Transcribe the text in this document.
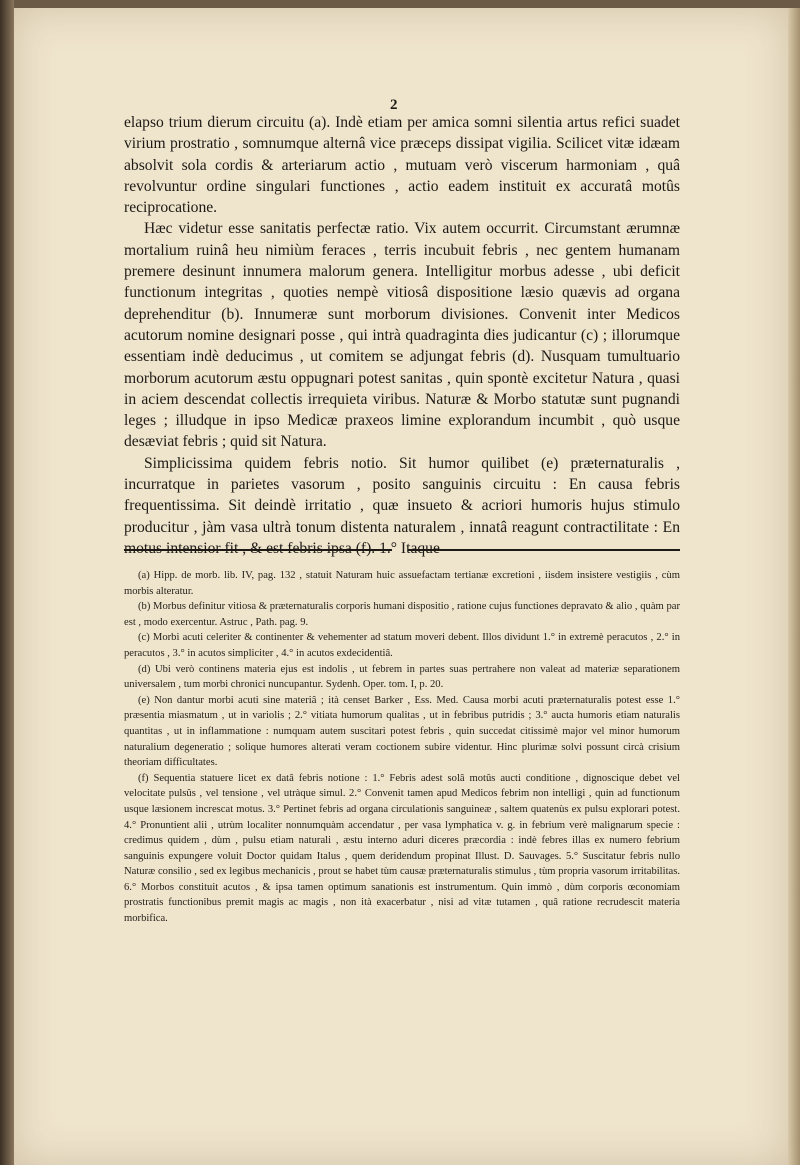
2

elapso trium dierum circuitu (a). Indè etiam per amica somni silentia artus refici suadet virium prostratio , somnumque alternâ vice præceps dissipat vigilia. Scilicet vitæ idæam absolvit sola cordis & arteriarum actio , mutuam verò viscerum harmoniam , quâ revolvuntur ordine singulari functiones , actio eadem instituit ex accuratâ motûs reciprocatione.

Hæc videtur esse sanitatis perfectæ ratio. Vix autem occurrit. Circumstant ærumnæ mortalium ruinâ heu nimiùm feraces , terris incubuit febris , nec gentem humanam premere desinunt innumera malorum genera. Intelligitur morbus adesse , ubi deficit functionum integritas , quoties nempè vitiosâ dispositione læsio quævis ad organa deprehenditur (b). Innumeræ sunt morborum divisiones. Convenit inter Medicos acutorum nomine designari posse , qui intrà quadraginta dies judicantur (c) ; illorumque essentiam indè deducimus , ut comitem se adjungat febris (d). Nusquam tumultuario morborum acutorum æstu oppugnari potest sanitas , quin spontè excitetur Natura , quasi in aciem descendat collectis irrequieta viribus. Naturæ & Morbo statutæ sunt pugnandi leges ; illudque in ipso Medicæ praxeos limine explorandum incumbit , quò usque desæviat febris ; quid sit Natura.

Simplicissima quidem febris notio. Sit humor quilibet (e) præternaturalis , incurratque in parietes vasorum , posito sanguinis circuitu : En causa febris frequentissima. Sit deindè irritatio , quæ insueto & acriori humoris hujus stimulo producitur , jàm vasa ultrà tonum distenta naturalem , innatâ reagunt contractilitate : En motus intensior fit , & est febris ipsa (f). 1.° Itaque

(a) Hipp. de morb. lib. IV, pag. 132 , statuit Naturam huic assuefactam tertianæ excretioni , iisdem insistere vestigiis , cùm morbis alteratur.

(b) Morbus definitur vitiosa & præternaturalis corporis humani dispositio , ratione cujus functiones depravato & alio , quàm par est , modo exercentur. Astruc , Path. pag. 9.

(c) Morbi acuti celeriter & continenter & vehementer ad statum moveri debent. Illos dividunt 1.° in extremè peracutos , 2.° in peracutos , 3.° in acutos simpliciter , 4.° in acutos exdecidentiâ.

(d) Ubi verò continens materia ejus est indolis , ut febrem in partes suas pertrahere non valeat ad materiæ separationem universalem , tum morbi chronici nuncupantur. Sydenh. Oper. tom. I, p. 20.

(e) Non dantur morbi acuti sine materiâ ; ità censet Barker , Ess. Med. Causa morbi acuti præternaturalis potest esse 1.° præsentia miasmatum , ut in variolis ; 2.° vitiata humorum qualitas , ut in febribus putridis ; 3.° aucta humoris etiam naturalis quantitas , ut in inflammatione : numquam autem suscitari potest febris , quin succedat citissimè major vel minor humorum naturalium degeneratio ; solique humores alterati veram coctionem subire videntur. Hinc plurimæ solvi possunt circà crisium theoriam difficultates.

(f) Sequentia statuere licet ex datâ febris notione : 1.° Febris adest solâ motûs aucti conditione , dignoscique debet vel velocitate pulsûs , vel tensione , vel utràque simul. 2.° Convenit tamen apud Medicos febrim non intelligi , quin ad functionum usque læsionem increscat motus. 3.° Pertinet febris ad organa circulationis sanguineæ , saltem quatenùs ex pulsu explorari potest. 4.° Pronuntient alii , utrùm localiter nonnumquàm accendatur , per vasa lymphatica v. g. in febrium verè malignarum specie : credimus quidem , dùm , pulsu etiam naturali , æstu interno aduri diceres præcordia : indè febres illas ex numero febrium sanguinis expungere voluit Doctor quidam Italus , quem deridendum propinat Illust. D. Sauvages. 5.° Suscitatur febris nullo Naturæ consilio , sed ex legibus mechanicis , prout se habet tùm causæ præternaturalis stimulus , tùm propria vasorum irritabilitas. 6.° Morbos constituit acutos , & ipsa tamen optimum sanationis est instrumentum. Quin immò , dùm corporis œconomiam prostratis functionibus premit magis ac magis , non ità exacerbatur , nisi ad vitæ tutamen , quâ ratione recrudescit materia morbifica.
